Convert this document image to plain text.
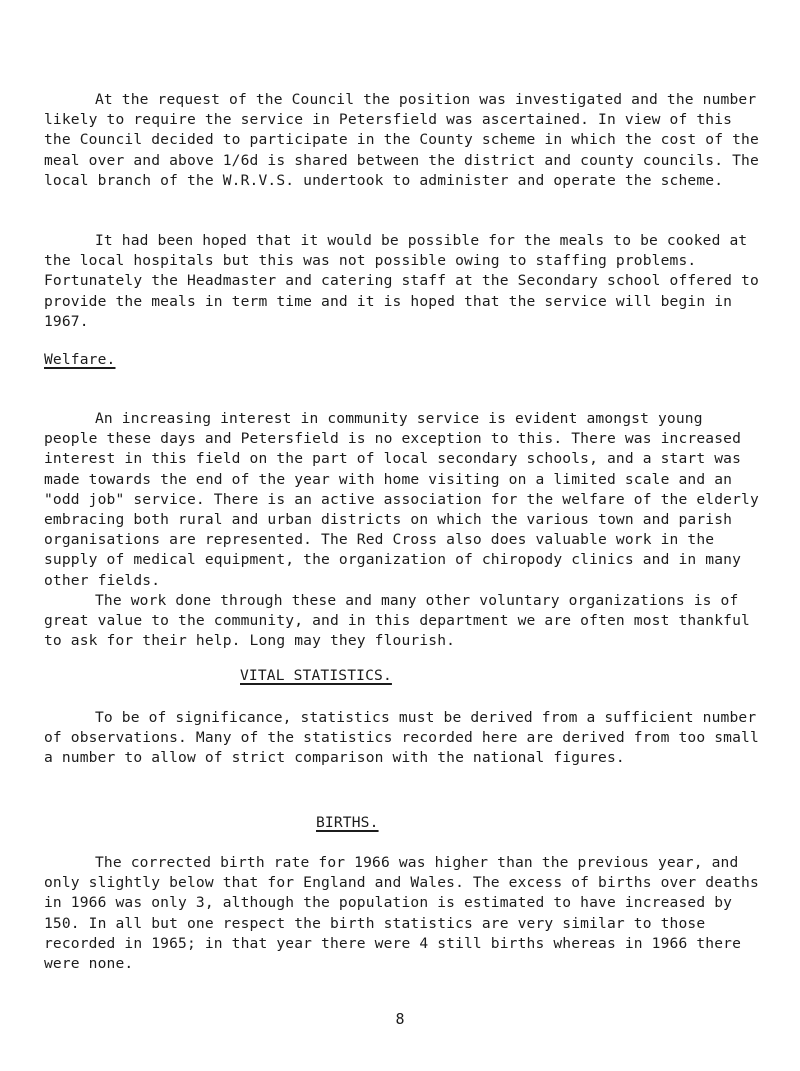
At the request of the Council the position was investigated and the number likely to require the service in Petersfield was ascertained. In view of this the Council decided to participate in the County scheme in which the cost of the meal over and above 1/6d is shared between the district and county councils. The local branch of the W.R.V.S. undertook to administer and operate the scheme.

It had been hoped that it would be possible for the meals to be cooked at the local hospitals but this was not possible owing to staffing problems. Fortunately the Headmaster and catering staff at the Secondary school offered to provide the meals in term time and it is hoped that the service will begin in 1967.

Welfare.

An increasing interest in community service is evident amongst young people these days and Petersfield is no exception to this. There was increased interest in this field on the part of local secondary schools, and a start was made towards the end of the year with home visiting on a limited scale and an "odd job" service. There is an active association for the welfare of the elderly embracing both rural and urban districts on which the various town and parish organisations are represented. The Red Cross also does valuable work in the supply of medical equipment, the organization of chiropody clinics and in many other fields.

The work done through these and many other voluntary organizations is of great value to the community, and in this department we are often most thankful to ask for their help. Long may they flourish.

VITAL STATISTICS.

To be of significance, statistics must be derived from a sufficient number of observations. Many of the statistics recorded here are derived from too small a number to allow of strict comparison with the national figures.

BIRTHS.

The corrected birth rate for 1966 was higher than the previous year, and only slightly below that for England and Wales. The excess of births over deaths in 1966 was only 3, although the population is estimated to have increased by 150. In all but one respect the birth statistics are very similar to those recorded in 1965; in that year there were 4 still births whereas in 1966 there were none.

8
